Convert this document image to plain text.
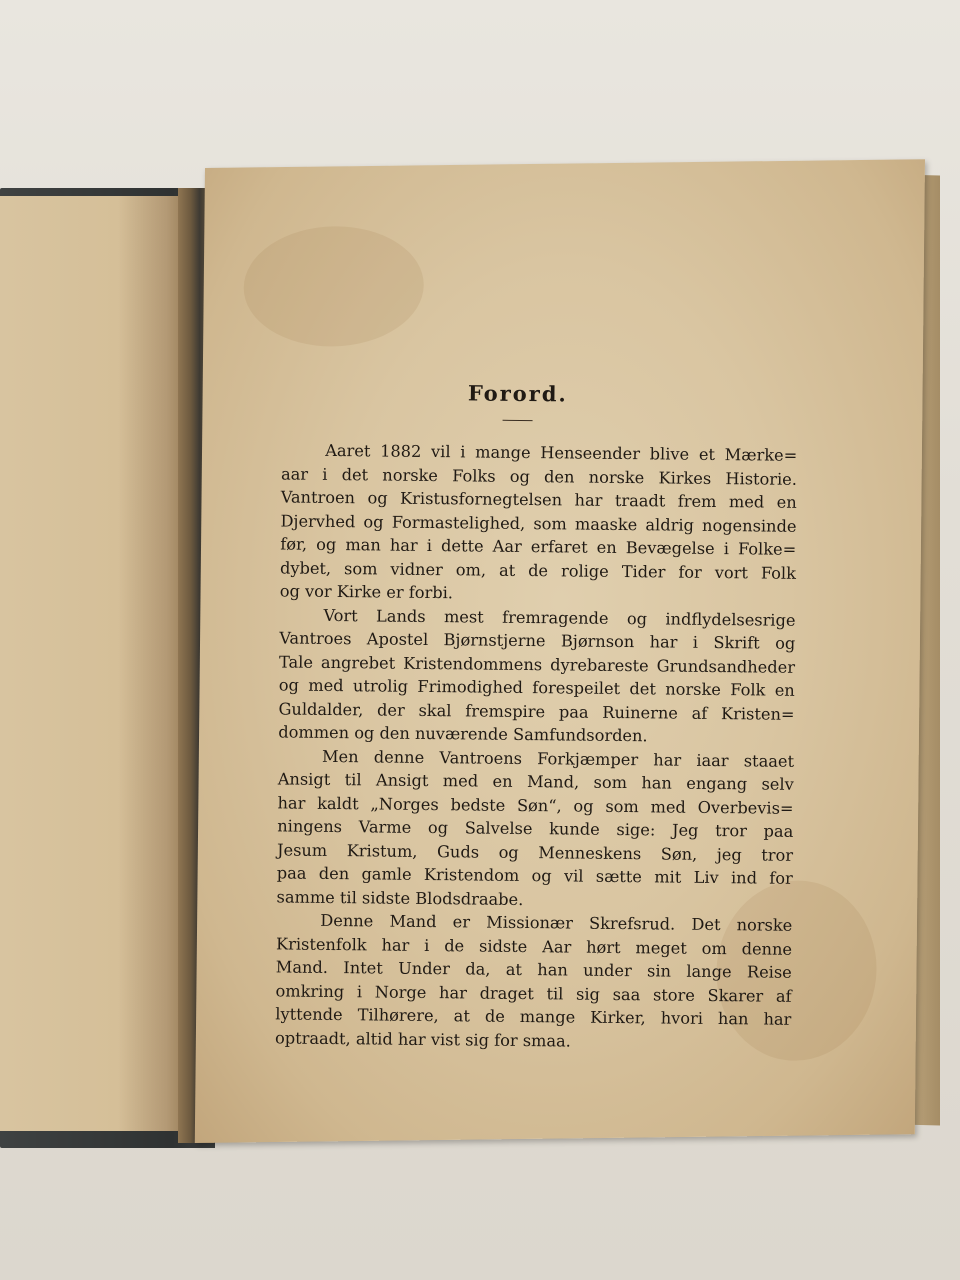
Forord.
Aaret 1882 vil i mange Henseender blive et Mærke=
aar i det norske Folks og den norske Kirkes Historie.
Vantroen og Kristusfornegtelsen har traadt frem med en
Djervhed og Formastelighed, som maaske aldrig nogensinde
før, og man har i dette Aar erfaret en Bevægelse i Folke=
dybet, som vidner om, at de rolige Tider for vort Folk
og vor Kirke er forbi.
Vort Lands mest fremragende og indflydelsesrige
Vantroes Apostel Bjørnstjerne Bjørnson har i Skrift og
Tale angrebet Kristendommens dyrebareste Grundsandheder
og med utrolig Frimodighed forespeilet det norske Folk en
Guldalder, der skal fremspire paa Ruinerne af Kristen=
dommen og den nuværende Samfundsorden.
Men denne Vantroens Forkjæmper har iaar staaet
Ansigt til Ansigt med en Mand, som han engang selv
har kaldt „Norges bedste Søn“, og som med Overbevis=
ningens Varme og Salvelse kunde sige: Jeg tror paa
Jesum Kristum, Guds og Menneskens Søn, jeg tror
paa den gamle Kristendom og vil sætte mit Liv ind for
samme til sidste Blodsdraabe.
Denne Mand er Missionær Skrefsrud. Det norske
Kristenfolk har i de sidste Aar hørt meget om denne
Mand. Intet Under da, at han under sin lange Reise
omkring i Norge har draget til sig saa store Skarer af
lyttende Tilhørere, at de mange Kirker, hvori han har
optraadt, altid har vist sig for smaa.
